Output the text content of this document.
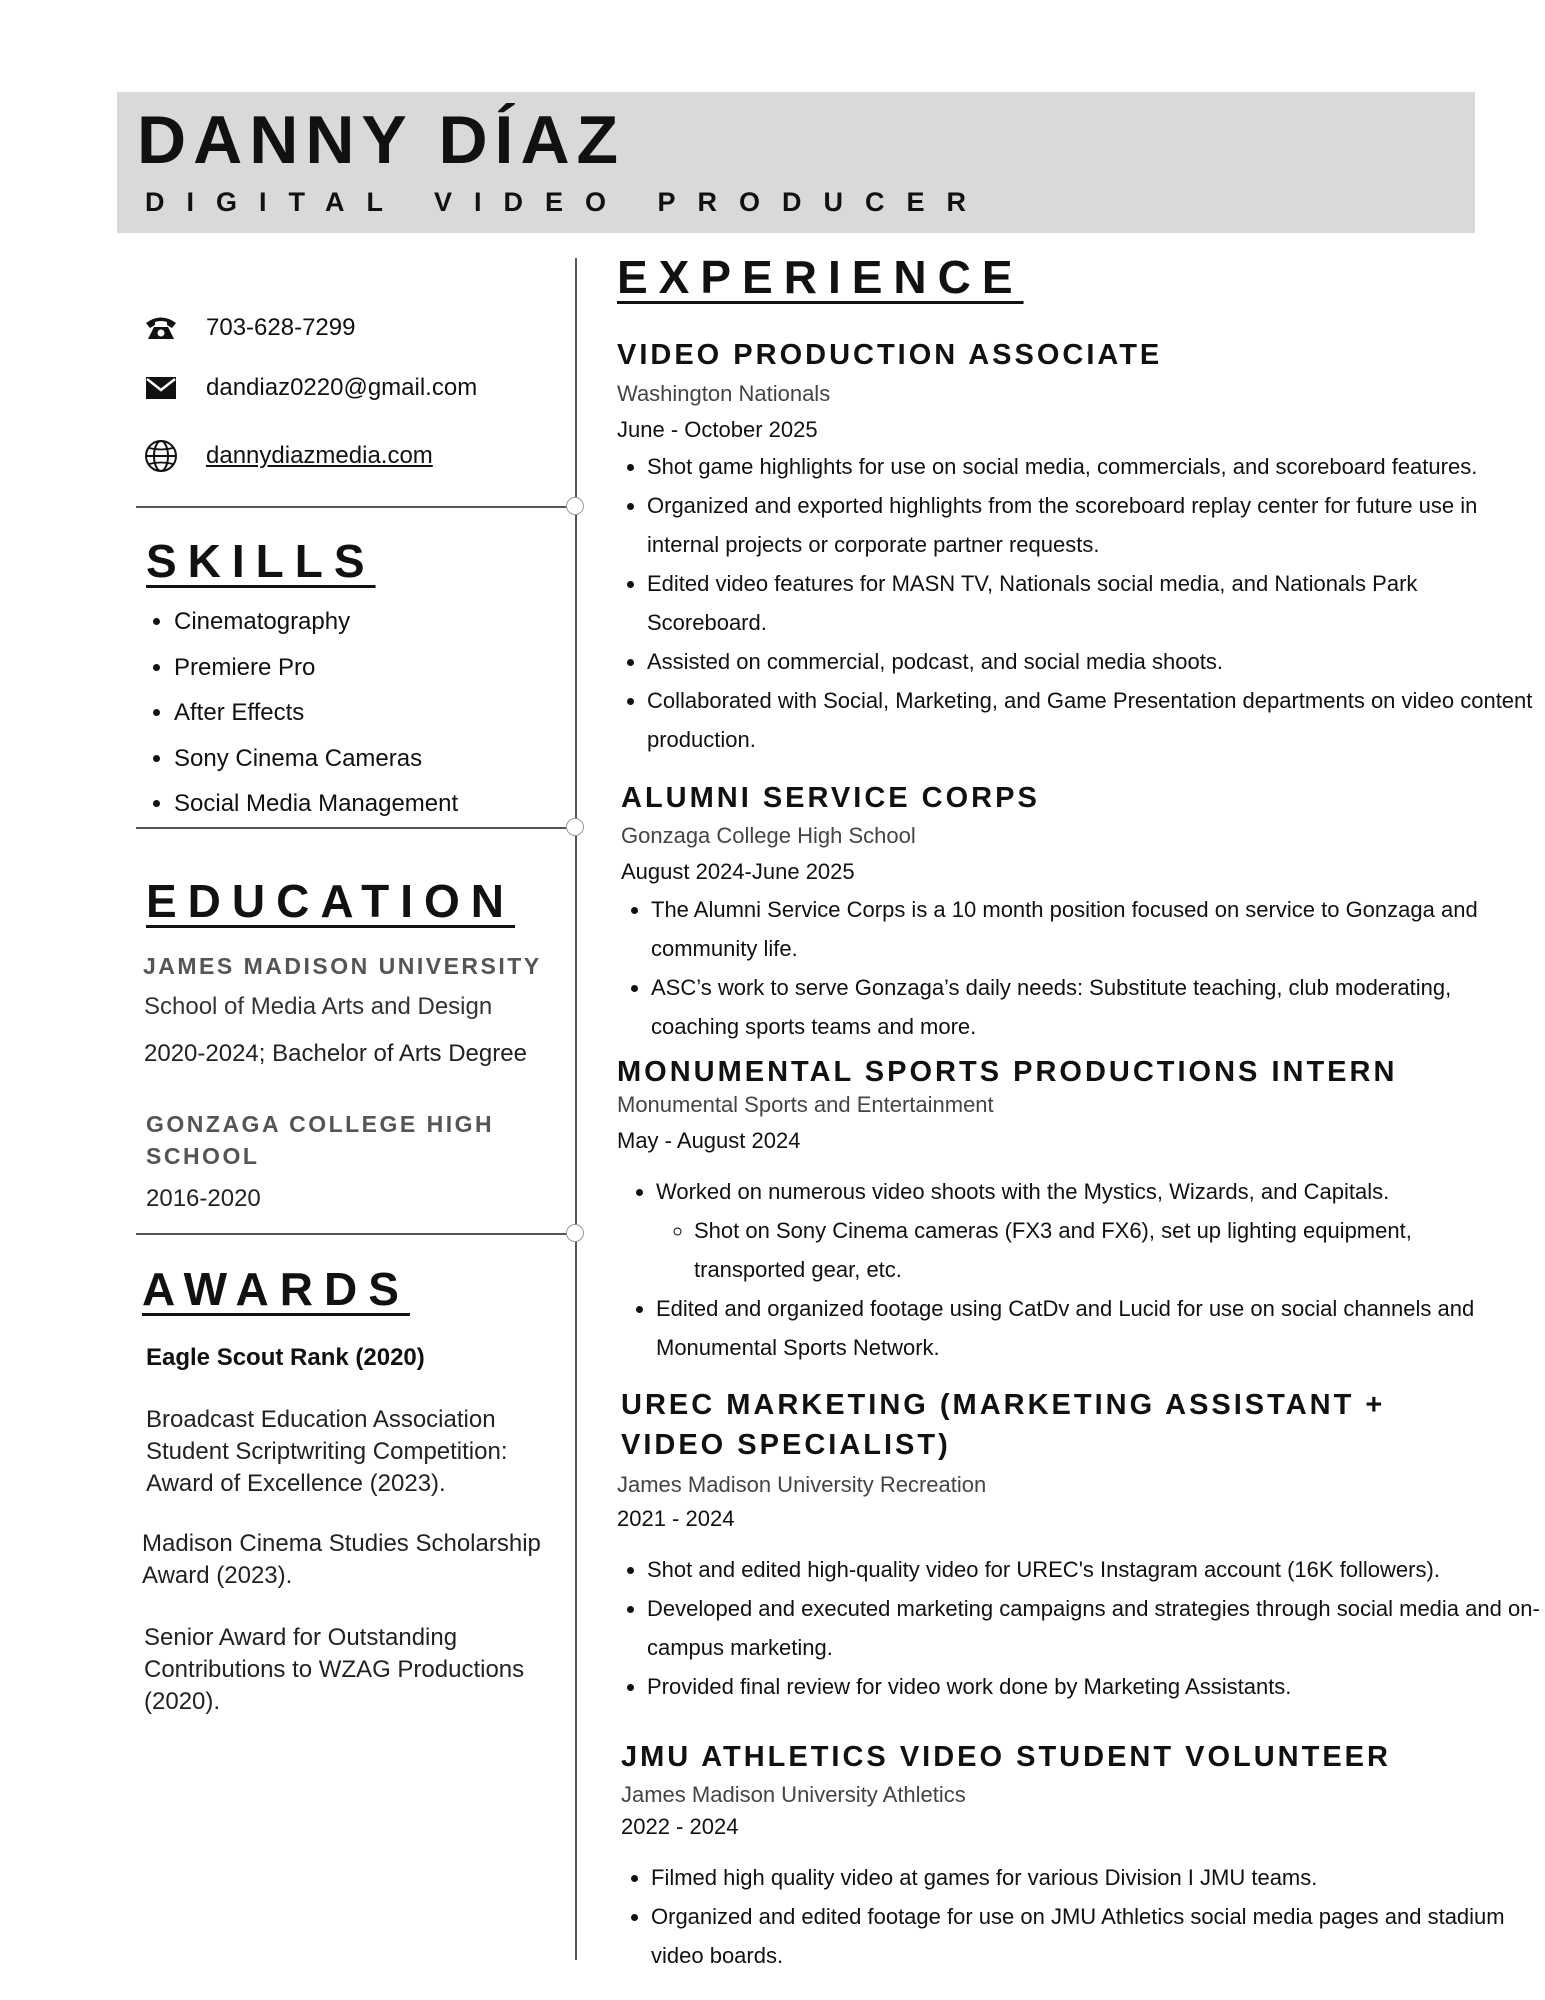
DANNY DÍAZ
DIGITAL VIDEO PRODUCER
703-628-7299
dandiaz0220@gmail.com
dannydiazmedia.com
SKILLS
• Cinematography
• Premiere Pro
• After Effects
• Sony Cinema Cameras
• Social Media Management
EDUCATION
JAMES MADISON UNIVERSITY
School of Media Arts and Design
2020-2024; Bachelor of Arts Degree
GONZAGA COLLEGE HIGH SCHOOL
2016-2020
AWARDS
Eagle Scout Rank (2020)
Broadcast Education Association Student Scriptwriting Competition: Award of Excellence (2023).
Madison Cinema Studies Scholarship Award (2023).
Senior Award for Outstanding Contributions to WZAG Productions (2020).
EXPERIENCE
VIDEO PRODUCTION ASSOCIATE
Washington Nationals
June - October 2025
• Shot game highlights for use on social media, commercials, and scoreboard features.
• Organized and exported highlights from the scoreboard replay center for future use in internal projects or corporate partner requests.
• Edited video features for MASN TV, Nationals social media, and Nationals Park Scoreboard.
• Assisted on commercial, podcast, and social media shoots.
• Collaborated with Social, Marketing, and Game Presentation departments on video content production.
ALUMNI SERVICE CORPS
Gonzaga College High School
August 2024-June 2025
• The Alumni Service Corps is a 10 month position focused on service to Gonzaga and community life.
• ASC’s work to serve Gonzaga’s daily needs: Substitute teaching, club moderating, coaching sports teams and more.
MONUMENTAL SPORTS PRODUCTIONS INTERN
Monumental Sports and Entertainment
May - August 2024
• Worked on numerous video shoots with the Mystics, Wizards, and Capitals.
◦ Shot on Sony Cinema cameras (FX3 and FX6), set up lighting equipment, transported gear, etc.
• Edited and organized footage using CatDv and Lucid for use on social channels and Monumental Sports Network.
UREC MARKETING (MARKETING ASSISTANT + VIDEO SPECIALIST)
James Madison University Recreation
2021 - 2024
• Shot and edited high-quality video for UREC's Instagram account (16K followers).
• Developed and executed marketing campaigns and strategies through social media and on-campus marketing.
• Provided final review for video work done by Marketing Assistants.
JMU ATHLETICS VIDEO STUDENT VOLUNTEER
James Madison University Athletics
2022 - 2024
• Filmed high quality video at games for various Division I JMU teams.
• Organized and edited footage for use on JMU Athletics social media pages and stadium video boards.
